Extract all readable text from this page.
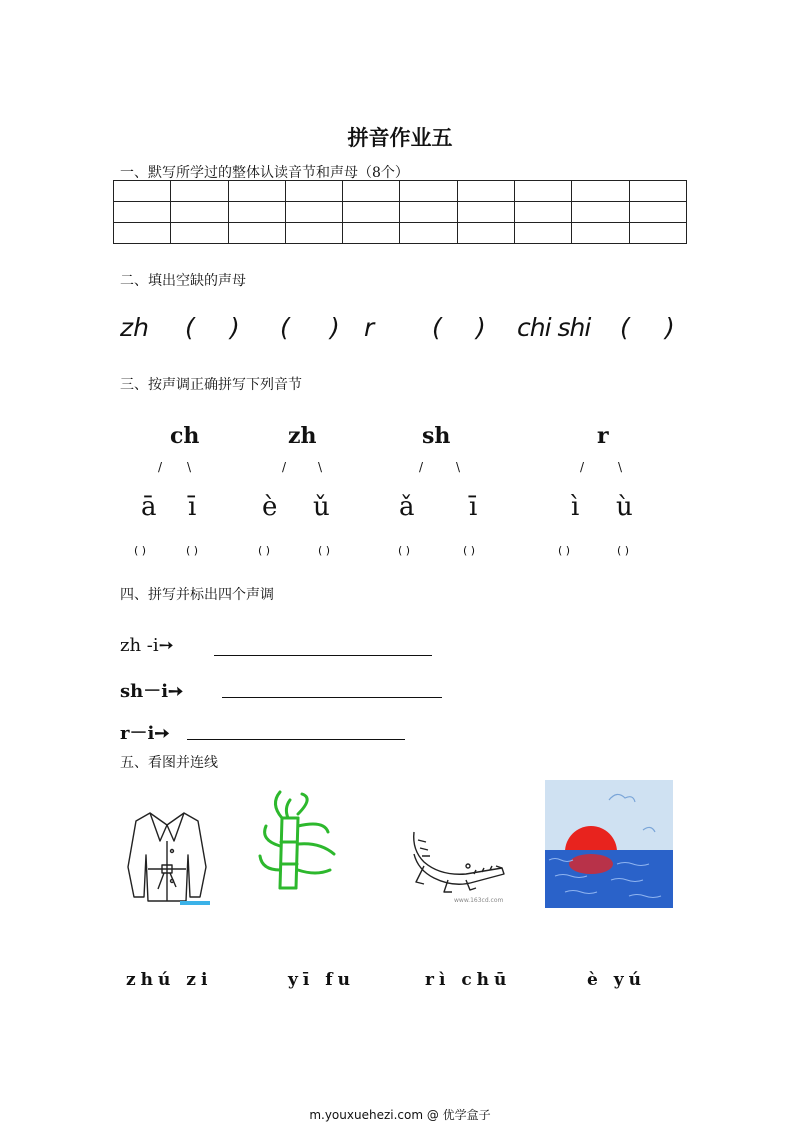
拼音作业五
一、默写所学过的整体认读音节和声母（8个）

二、填出空缺的声母
zh ( ) ( ) r ( ) chi shi ( )
三、按声调正确拼写下列音节
ch	zh	sh	r
/ \	/	\	/	\	/	\
ā ī	è ǔ	ǎ ī	ì ù
( )	( )	( )	( )	( )	( )	( )	( )
四、拼写并标出四个声调
zh -i➙
sh－i➙
r－i➙
五、看图并连线
www.163cd.com
zhú zi	yī fu	rì chū	è yú
m.youxuehezi.com @ 优学盒子
